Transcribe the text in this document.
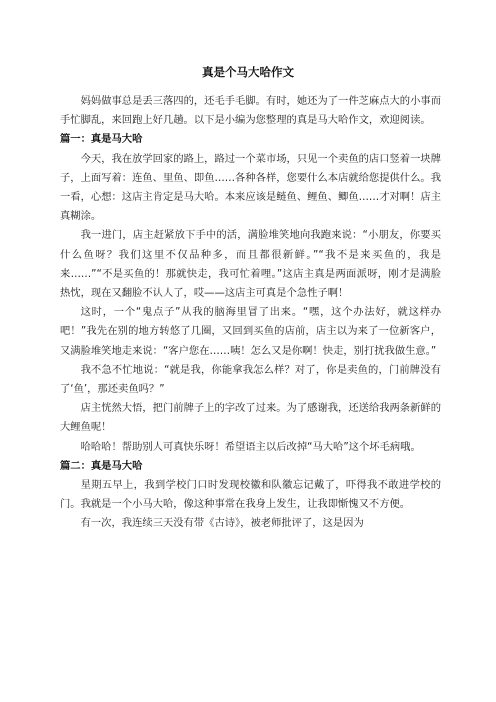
真是个马大哈作文

妈妈做事总是丢三落四的，还毛手毛脚。有时，她还为了一件芝麻点大的小事而手忙脚乱，来回跑上好几趟。以下是小编为您整理的真是马大哈作文，欢迎阅读。

篇一：真是马大哈

今天，我在放学回家的路上，路过一个菜市场，只见一个卖鱼的店口竖着一块牌子，上面写着：连鱼、里鱼、即鱼……各种各样，您要什么本店就给您提供什么。我一看，心想：这店主肯定是马大哈。本来应该是鲢鱼、鲤鱼、鲫鱼……才对啊！店主真糊涂。

我一进门，店主赶紧放下手中的活，满脸堆笑地向我跑来说：“小朋友，你要买什么鱼呀？我们这里不仅品种多，而且都很新鲜。”“我不是来买鱼的，我是来……”“不是买鱼的！那就快走，我可忙着哩。”这店主真是两面派呀，刚才是满脸热忱，现在又翻脸不认人了，哎——这店主可真是个急性子啊！

这时，一个“鬼点子”从我的脑海里冒了出来。“嘿，这个办法好，就这样办吧！”我先在别的地方转悠了几圈，又回到买鱼的店前，店主以为来了一位新客户，又满脸堆笑地走来说：“客户您在……咦！怎么又是你啊！快走，别打扰我做生意。”

我不急不忙地说：“就是我，你能拿我怎么样？对了，你是卖鱼的，门前牌没有了‘鱼’，那还卖鱼吗？”

店主恍然大悟，把门前牌子上的字改了过来。为了感谢我，还送给我两条新鲜的大鲤鱼呢！

哈哈哈！帮助别人可真快乐呀！希望语主以后改掉“马大哈”这个坏毛病哦。

篇二：真是马大哈

星期五早上，我到学校门口时发现校徽和队徽忘记戴了，吓得我不敢进学校的门。我就是一个小马大哈，像这种事常在我身上发生，让我即惭愧又不方便。

有一次，我连续三天没有带《古诗》，被老师批评了，这是因为
